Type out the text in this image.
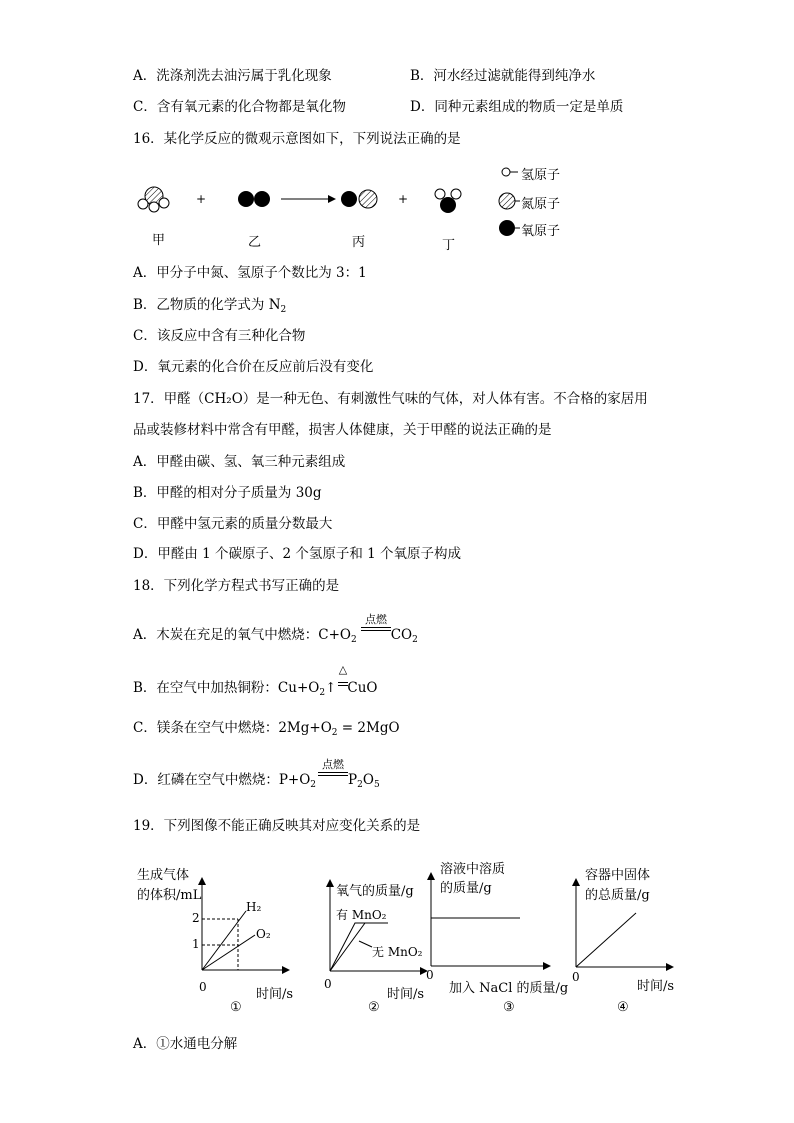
A．洗涤剂洗去油污属于乳化现象	B．河水经过滤就能得到纯净水
C．含有氧元素的化合物都是氧化物	D．同种元素组成的物质一定是单质
16．某化学反应的微观示意图如下，下列说法正确的是
+	+
氢原子
氮原子
氧原子
甲	乙	丙	丁
A．甲分子中氮、氢原子个数比为 3：1
B．乙物质的化学式为 $N_2$
C．该反应中含有三种化合物
D．氧元素的化合价在反应前后没有变化
17．甲醛（CH₂O）是一种无色、有刺激性气味的气体，对人体有害。不合格的家居用
品或装修材料中常含有甲醛，损害人体健康，关于甲醛的说法正确的是
A．甲醛由碳、氢、氧三种元素组成
B．甲醛的相对分子质量为 30g
C．甲醛中氢元素的质量分数最大
D．甲醛由 1 个碳原子、2 个氢原子和 1 个氧原子构成
18．下列化学方程式书写正确的是
A．木炭在充足的氧气中燃烧：$C+O_2$	$CO_2$
点燃
B．在空气中加热铜粉：$Cu+O_2↑$ CuO
△
C．镁条在空气中燃烧：$2Mg+O_2 = 2MgO$
D．红磷在空气中燃烧：$P+O_2$ $P_2O_5$
点燃
19．下列图像不能正确反映其对应变化关系的是
生成气体
的体积/mL
2
1
H₂
O₂
0	时间/s
①
氧气的质量/g
有 MnO₂
无 MnO₂
0
时间/s
②
溶液中溶质
的质量/g
0
加入 NaCl 的质量/g
③
容器中固体
的总质量/g
0
时间/s
④
A．①水通电分解
